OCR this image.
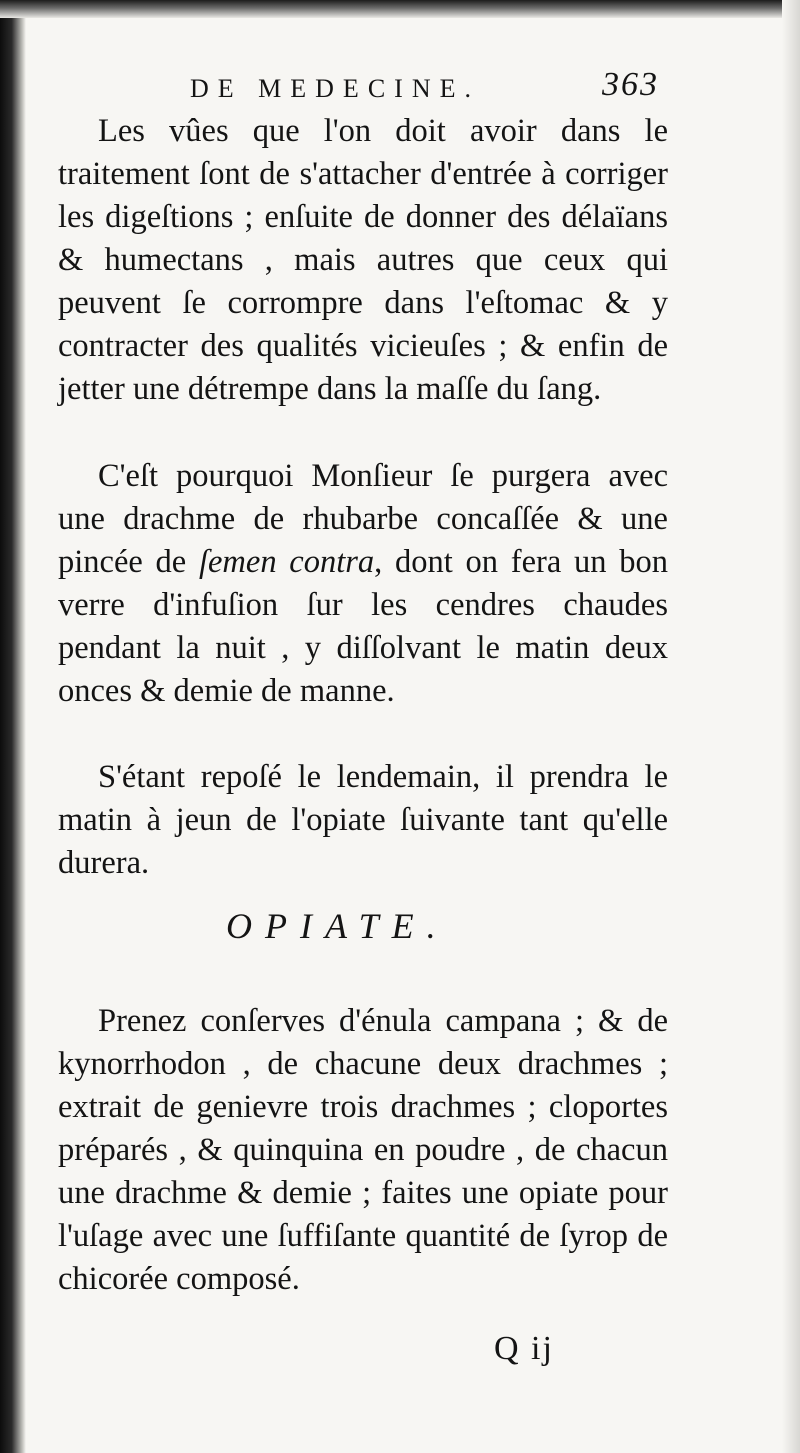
DE MEDECINE.	363

Les vûes que l'on doit avoir dans le traitement ſont de s'attacher d'entrée à corriger les digeſtions ; enſuite de donner des délaïans & humectans , mais autres que ceux qui peuvent ſe corrompre dans l'eſtomac & y contracter des qualités vicieuſes ; & enfin de jetter une détrempe dans la maſſe du ſang.

C'eſt pourquoi Monſieur ſe purgera avec une drachme de rhubarbe concaſſée & une pincée de ſemen contra, dont on fera un bon verre d'infuſion ſur les cendres chaudes pendant la nuit , y diſſolvant le matin deux onces & demie de manne.

S'étant repoſé le lendemain, il prendra le matin à jeun de l'opiate ſuivante tant qu'elle durera.

OPIATE.

Prenez conſerves d'énula campana ; & de kynorrhodon , de chacune deux drachmes ; extrait de genievre trois drachmes ; cloportes préparés , & quinquina en poudre , de chacun une drachme & demie ; faites une opiate pour l'uſage avec une ſuffiſante quantité de ſyrop de chicorée composé.

Q ij
